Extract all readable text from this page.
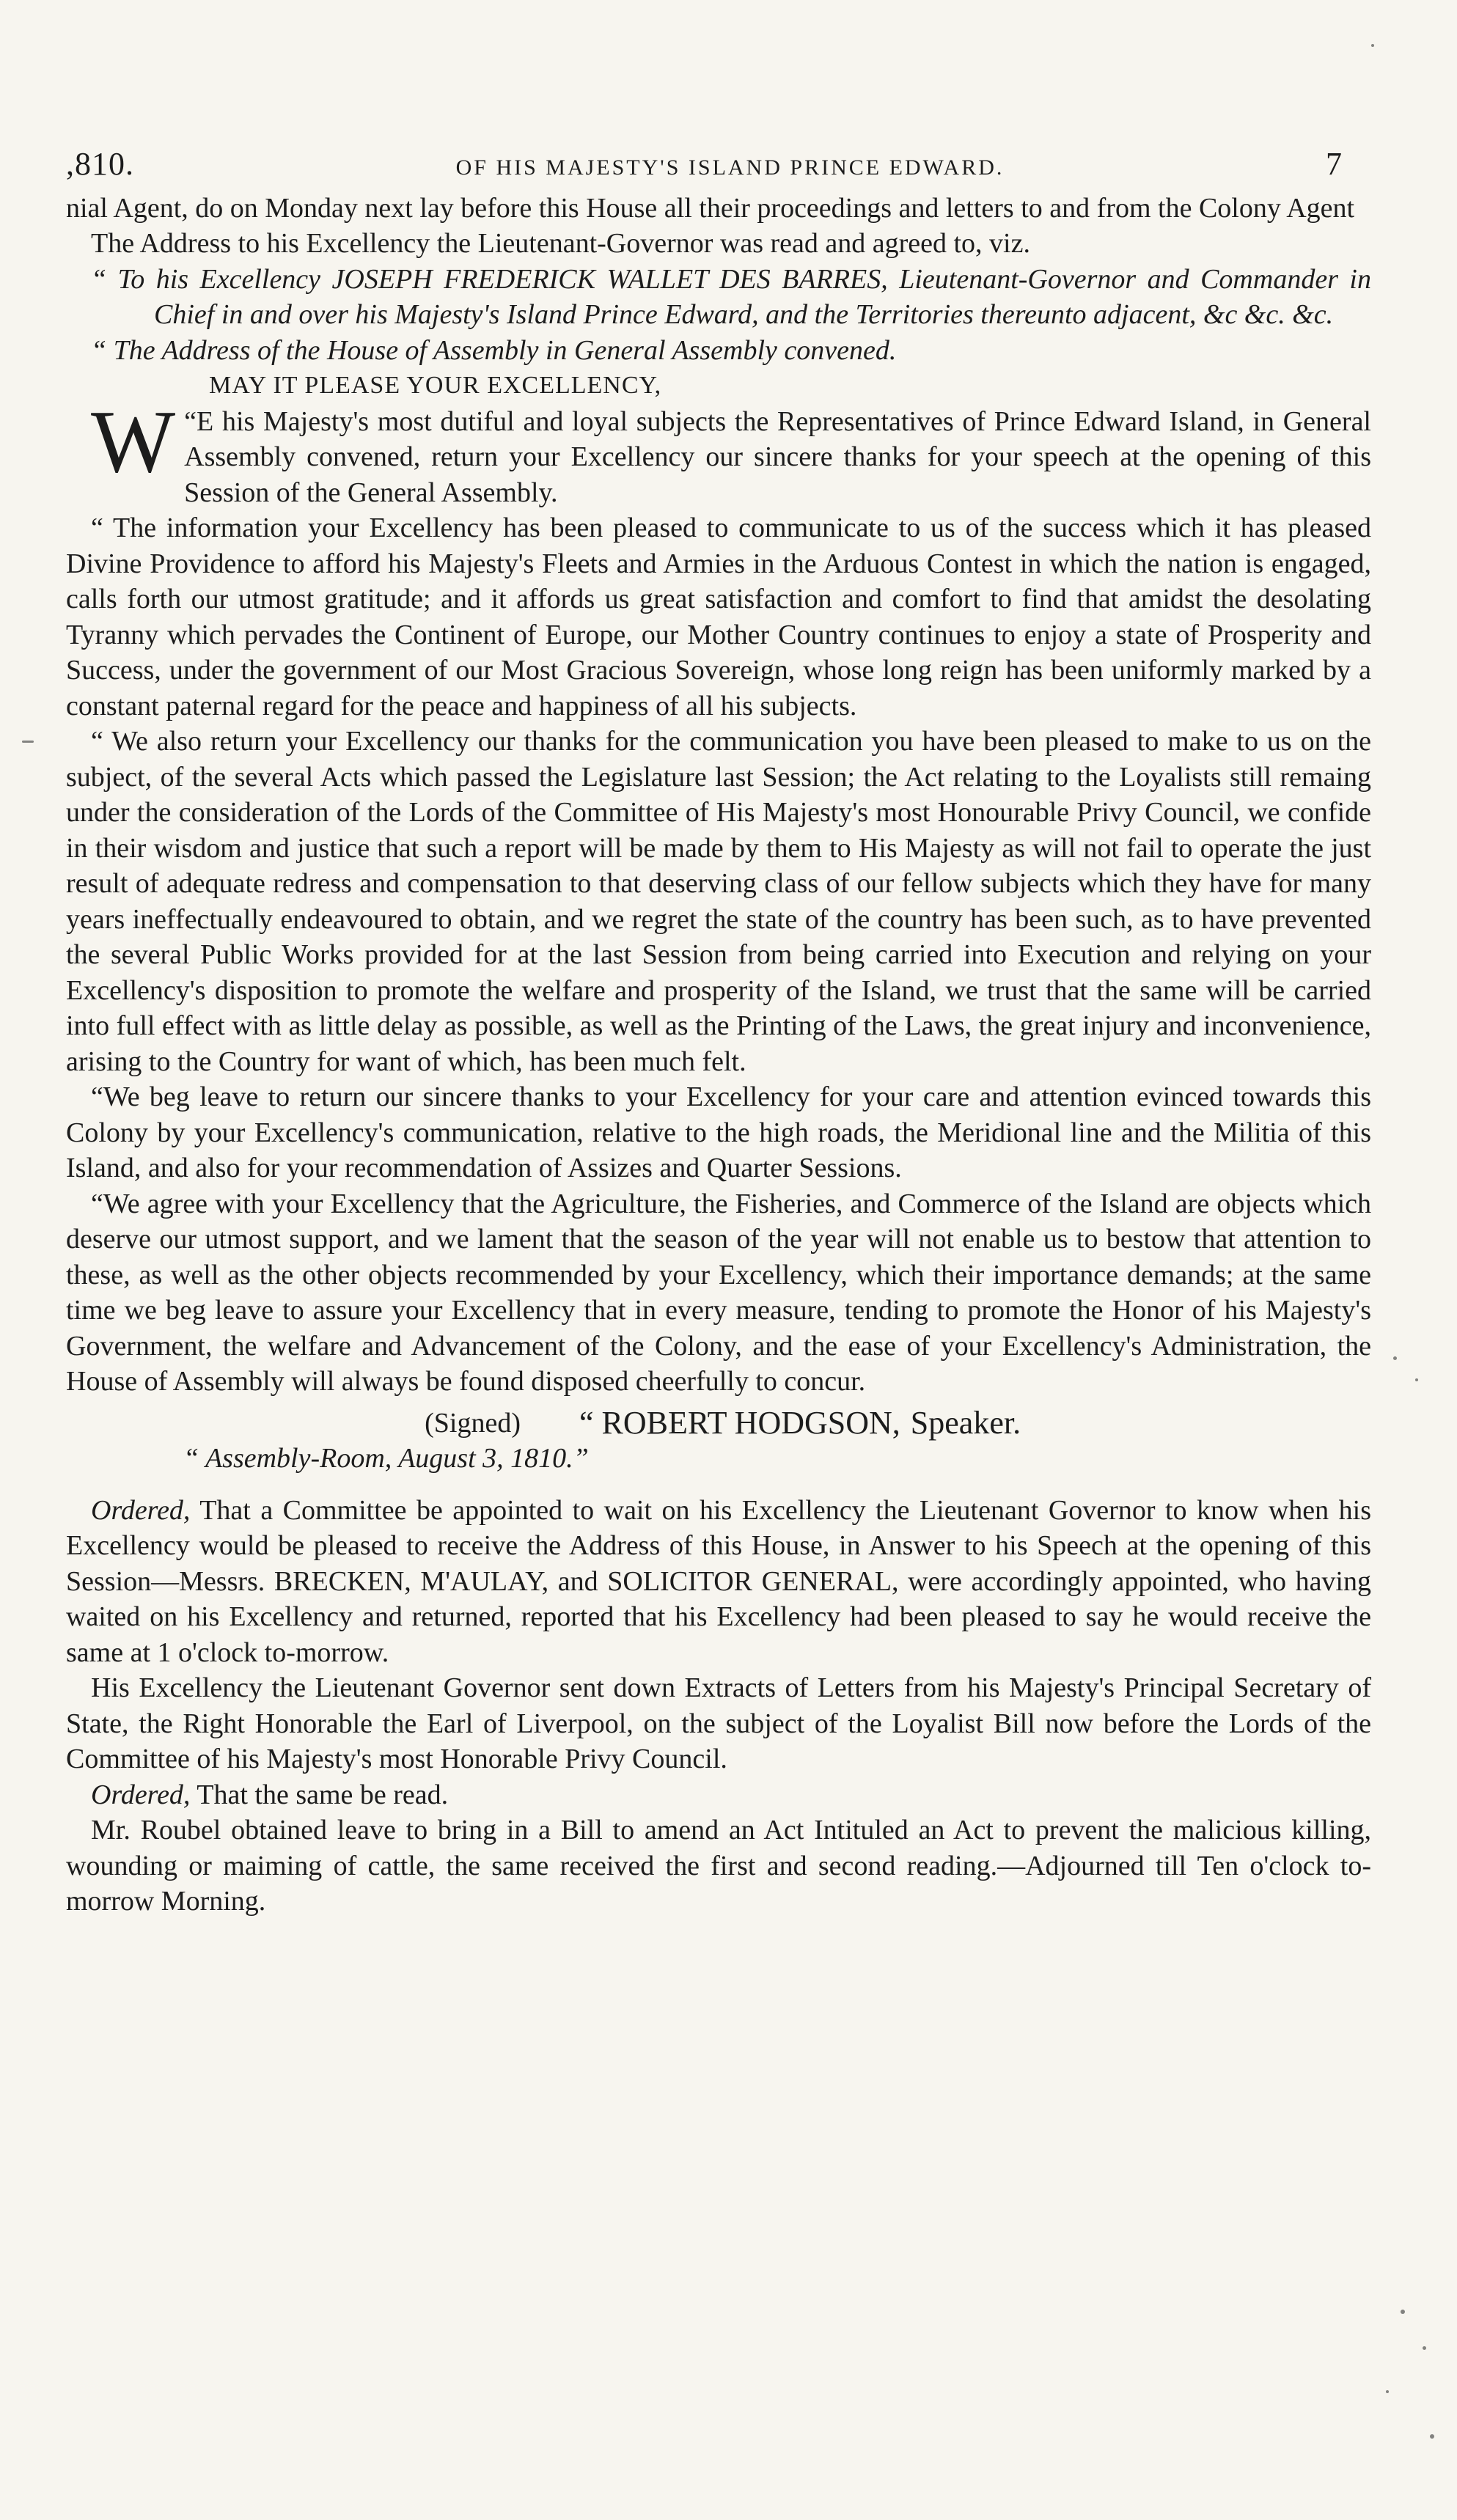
,810.	OF HIS MAJESTY'S ISLAND PRINCE EDWARD.	7

nial Agent, do on Monday next lay before this House all their proceedings and letters to and from the Colony Agent

The Address to his Excellency the Lieutenant-Governor was read and agreed to, viz.

“ To his Excellency JOSEPH FREDERICK WALLET DES BARRES, Lieutenant-Governor and Commander in Chief in and over his Majesty's Island Prince Edward, and the Territories thereunto adjacent, &c &c. &c.

“ The Address of the House of Assembly in General Assembly convened.

MAY IT PLEASE YOUR EXCELLENCY,

“
W E his Majesty's most dutiful and loyal subjects the Representatives of Prince Edward Island, in General Assembly convened, return your Excellency our sincere thanks for your speech at the opening of this Session of the General Assembly.

“ The information your Excellency has been pleased to communicate to us of the success which it has pleased Divine Providence to afford his Majesty's Fleets and Armies in the Arduous Contest in which the nation is engaged, calls forth our utmost gratitude; and it affords us great satisfaction and comfort to find that amidst the desolating Tyranny which pervades the Continent of Europe, our Mother Country continues to enjoy a state of Prosperity and Success, under the government of our Most Gracious Sovereign, whose long reign has been uniformly marked by a constant paternal regard for the peace and happiness of all his subjects.

“ We also return your Excellency our thanks for the communication you have been pleased to make to us on the subject, of the several Acts which passed the Legislature last Session; the Act relating to the Loyalists still remaing under the consideration of the Lords of the Committee of His Majesty's most Honourable Privy Council, we confide in their wisdom and justice that such a report will be made by them to His Majesty as will not fail to operate the just result of adequate redress and compensation to that deserving class of our fellow subjects which they have for many years ineffectually endeavoured to obtain, and we regret the state of the country has been such, as to have prevented the several Public Works provided for at the last Session from being carried into Execution and relying on your Excellency's disposition to promote the welfare and prosperity of the Island, we trust that the same will be carried into full effect with as little delay as possible, as well as the Printing of the Laws, the great injury and inconvenience, arising to the Country for want of which, has been much felt.

“We beg leave to return our sincere thanks to your Excellency for your care and attention evinced towards this Colony by your Excellency's communication, relative to the high roads, the Meridional line and the Militia of this Island, and also for your recommendation of Assizes and Quarter Sessions.

“We agree with your Excellency that the Agriculture, the Fisheries, and Commerce of the Island are objects which deserve our utmost support, and we lament that the season of the year will not enable us to bestow that attention to these, as well as the other objects recommended by your Excellency, which their importance demands; at the same time we beg leave to assure your Excellency that in every measure, tending to promote the Honor of his Majesty's Government, the welfare and Advancement of the Colony, and the ease of your Excellency's Administration, the House of Assembly will always be found disposed cheerfully to concur.

(Signed)	“ ROBERT HODGSON, Speaker.

“ Assembly-Room, August 3, 1810.”

Ordered, That a Committee be appointed to wait on his Excellency the Lieutenant Governor to know when his Excellency would be pleased to receive the Address of this House, in Answer to his Speech at the opening of this Session—Messrs. BRECKEN, M'AULAY, and SOLICITOR GENERAL, were accordingly appointed, who having waited on his Excellency and returned, reported that his Excellency had been pleased to say he would receive the same at 1 o'clock to-morrow.

His Excellency the Lieutenant Governor sent down Extracts of Letters from his Majesty's Principal Secretary of State, the Right Honorable the Earl of Liverpool, on the subject of the Loyalist Bill now before the Lords of the Committee of his Majesty's most Honorable Privy Council.

Ordered, That the same be read.

Mr. Roubel obtained leave to bring in a Bill to amend an Act Intituled an Act to prevent the malicious killing, wounding or maiming of cattle, the same received the first and second reading.—Adjourned till Ten o'clock to-morrow Morning.
